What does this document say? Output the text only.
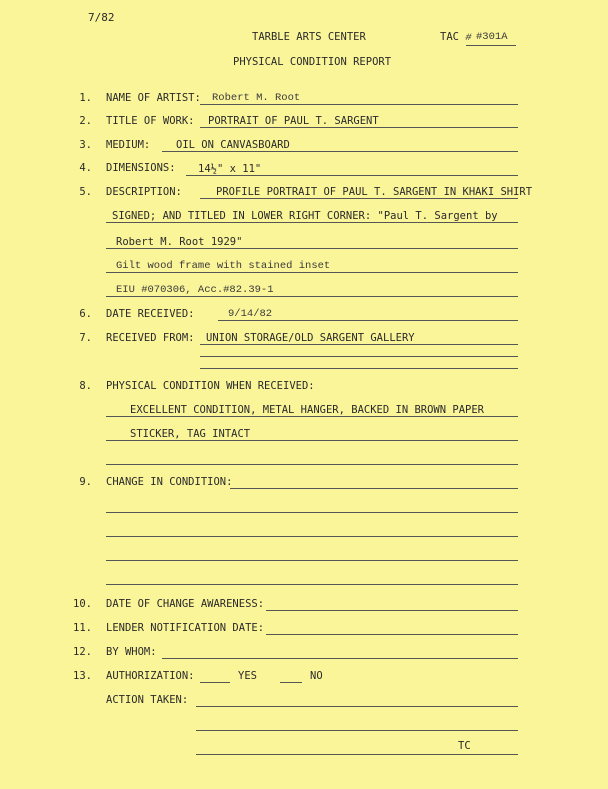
7/82
TARBLE ARTS CENTER	TAC # #301A
PHYSICAL CONDITION REPORT
1. NAME OF ARTIST: Robert M. Root
2. TITLE OF WORK: PORTRAIT OF PAUL T. SARGENT
3. MEDIUM: OIL ON CANVASBOARD
4. DIMENSIONS: 14½" x 11"
5. DESCRIPTION:	PROFILE PORTRAIT OF PAUL T. SARGENT IN KHAKI SHIRT
SIGNED; AND TITLED IN LOWER RIGHT CORNER: "Paul T. Sargent by
Robert M. Root 1929"
Gilt wood frame with stained inset
EIU #070306, Acc.#82.39-1
6. DATE RECEIVED:	9/14/82
7. RECEIVED FROM: UNION STORAGE/OLD SARGENT GALLERY
8. PHYSICAL CONDITION WHEN RECEIVED:
EXCELLENT CONDITION, METAL HANGER, BACKED IN BROWN PAPER
STICKER, TAG INTACT
9. CHANGE IN CONDITION:
10. DATE OF CHANGE AWARENESS:
11. LENDER NOTIFICATION DATE:
12. BY WHOM:
13. AUTHORIZATION:	YES	NO
ACTION TAKEN:
TC
